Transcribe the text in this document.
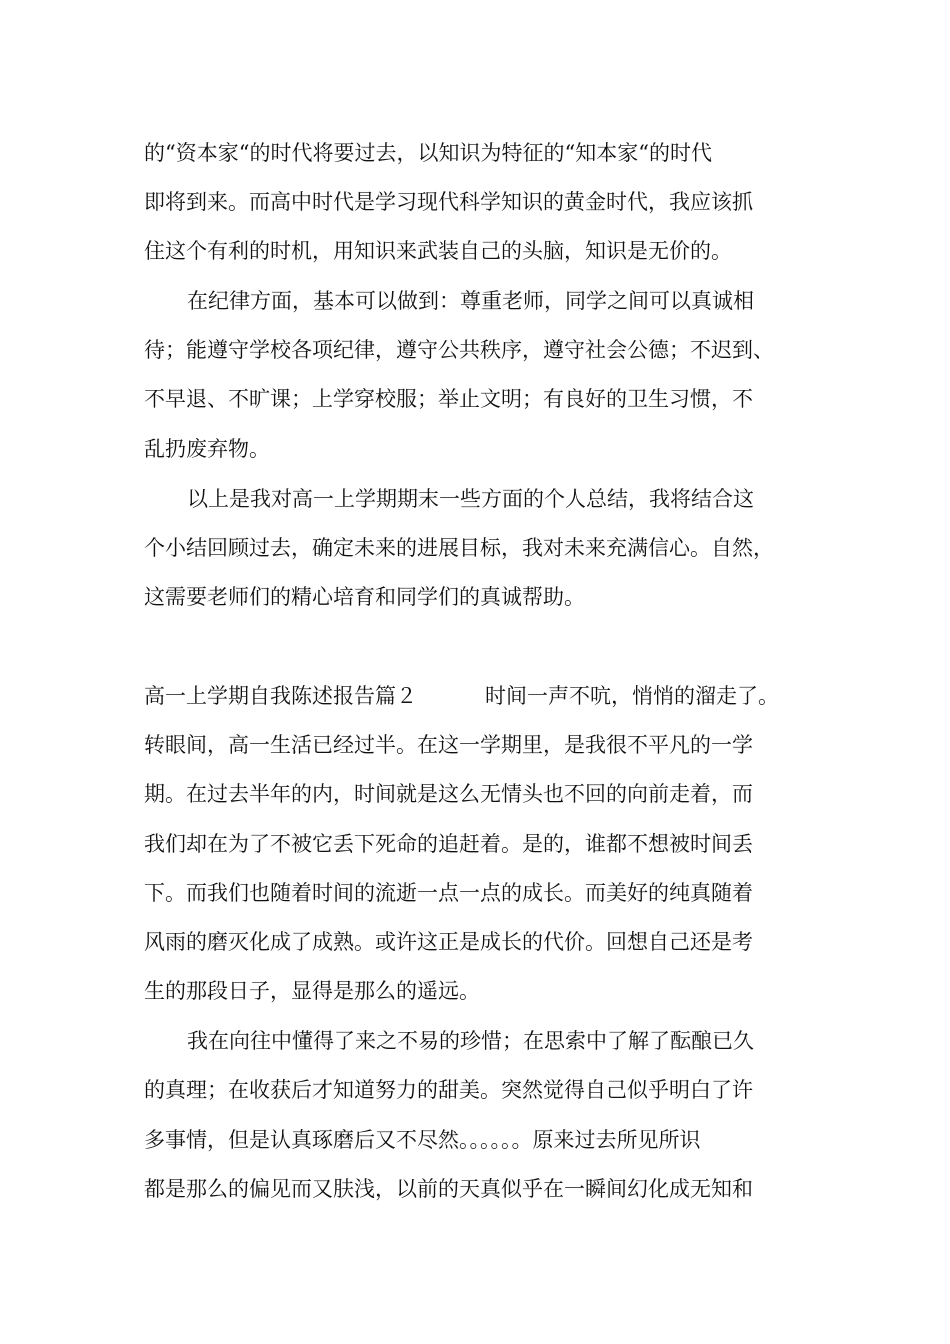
的“资本家“的时代将要过去，以知识为特征的“知本家“的时代
即将到来。而高中时代是学习现代科学知识的黄金时代，我应该抓
住这个有利的时机，用知识来武装自己的头脑，知识是无价的。
在纪律方面，基本可以做到：尊重老师，同学之间可以真诚相
待；能遵守学校各项纪律，遵守公共秩序，遵守社会公德；不迟到、
不早退、不旷课；上学穿校服；举止文明；有良好的卫生习惯，不
乱扔废弃物。
以上是我对高一上学期期末一些方面的个人总结，我将结合这
个小结回顾过去，确定未来的进展目标，我对未来充满信心。自然，
这需要老师们的精心培育和同学们的真诚帮助。
高一上学期自我陈述报告篇２	时间一声不吭，悄悄的溜走了。
转眼间，高一生活已经过半。在这一学期里，是我很不平凡的一学
期。在过去半年的内，时间就是这么无情头也不回的向前走着，而
我们却在为了不被它丢下死命的追赶着。是的，谁都不想被时间丢
下。而我们也随着时间的流逝一点一点的成长。而美好的纯真随着
风雨的磨灭化成了成熟。或许这正是成长的代价。回想自己还是考
生的那段日子，显得是那么的遥远。
我在向往中懂得了来之不易的珍惜；在思索中了解了酝酿已久
的真理；在收获后才知道努力的甜美。突然觉得自己似乎明白了许
多事情，但是认真琢磨后又不尽然。。。。。。原来过去所见所识
都是那么的偏见而又肤浅，以前的天真似乎在一瞬间幻化成无知和
